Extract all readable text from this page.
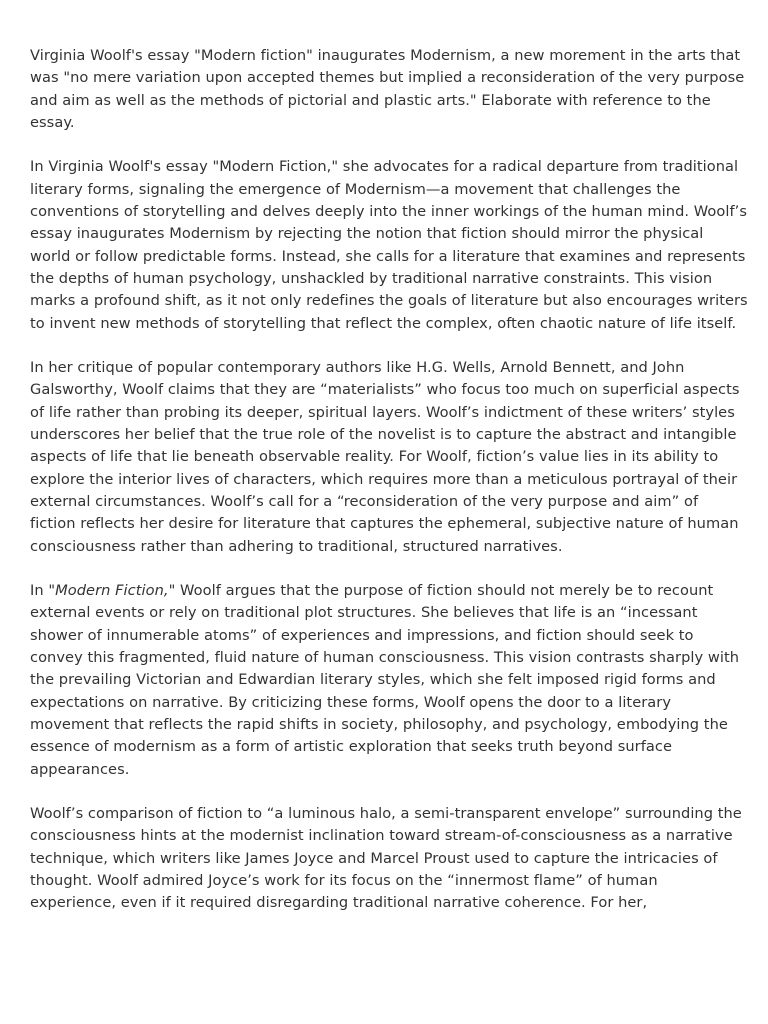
Virginia Woolf's essay "Modern fiction" inaugurates Modernism, a new morement in the arts that was "no mere variation upon accepted themes but implied a reconsideration of the very purpose and aim as well as the methods of pictorial and plastic arts." Elaborate with reference to the essay.

In Virginia Woolf's essay "Modern Fiction," she advocates for a radical departure from traditional literary forms, signaling the emergence of Modernism—a movement that challenges the conventions of storytelling and delves deeply into the inner workings of the human mind. Woolf’s essay inaugurates Modernism by rejecting the notion that fiction should mirror the physical world or follow predictable forms. Instead, she calls for a literature that examines and represents the depths of human psychology, unshackled by traditional narrative constraints. This vision marks a profound shift, as it not only redefines the goals of literature but also encourages writers to invent new methods of storytelling that reflect the complex, often chaotic nature of life itself.

In her critique of popular contemporary authors like H.G. Wells, Arnold Bennett, and John Galsworthy, Woolf claims that they are “materialists” who focus too much on superficial aspects of life rather than probing its deeper, spiritual layers. Woolf’s indictment of these writers’ styles underscores her belief that the true role of the novelist is to capture the abstract and intangible aspects of life that lie beneath observable reality. For Woolf, fiction’s value lies in its ability to explore the interior lives of characters, which requires more than a meticulous portrayal of their external circumstances. Woolf’s call for a “reconsideration of the very purpose and aim” of fiction reflects her desire for literature that captures the ephemeral, subjective nature of human consciousness rather than adhering to traditional, structured narratives.

In "Modern Fiction," Woolf argues that the purpose of fiction should not merely be to recount external events or rely on traditional plot structures. She believes that life is an “incessant shower of innumerable atoms” of experiences and impressions, and fiction should seek to convey this fragmented, fluid nature of human consciousness. This vision contrasts sharply with the prevailing Victorian and Edwardian literary styles, which she felt imposed rigid forms and expectations on narrative. By criticizing these forms, Woolf opens the door to a literary movement that reflects the rapid shifts in society, philosophy, and psychology, embodying the essence of modernism as a form of artistic exploration that seeks truth beyond surface appearances.

Woolf’s comparison of fiction to “a luminous halo, a semi-transparent envelope” surrounding the consciousness hints at the modernist inclination toward stream-of-consciousness as a narrative technique, which writers like James Joyce and Marcel Proust used to capture the intricacies of thought. Woolf admired Joyce’s work for its focus on the “innermost flame” of human experience, even if it required disregarding traditional narrative coherence. For her,
